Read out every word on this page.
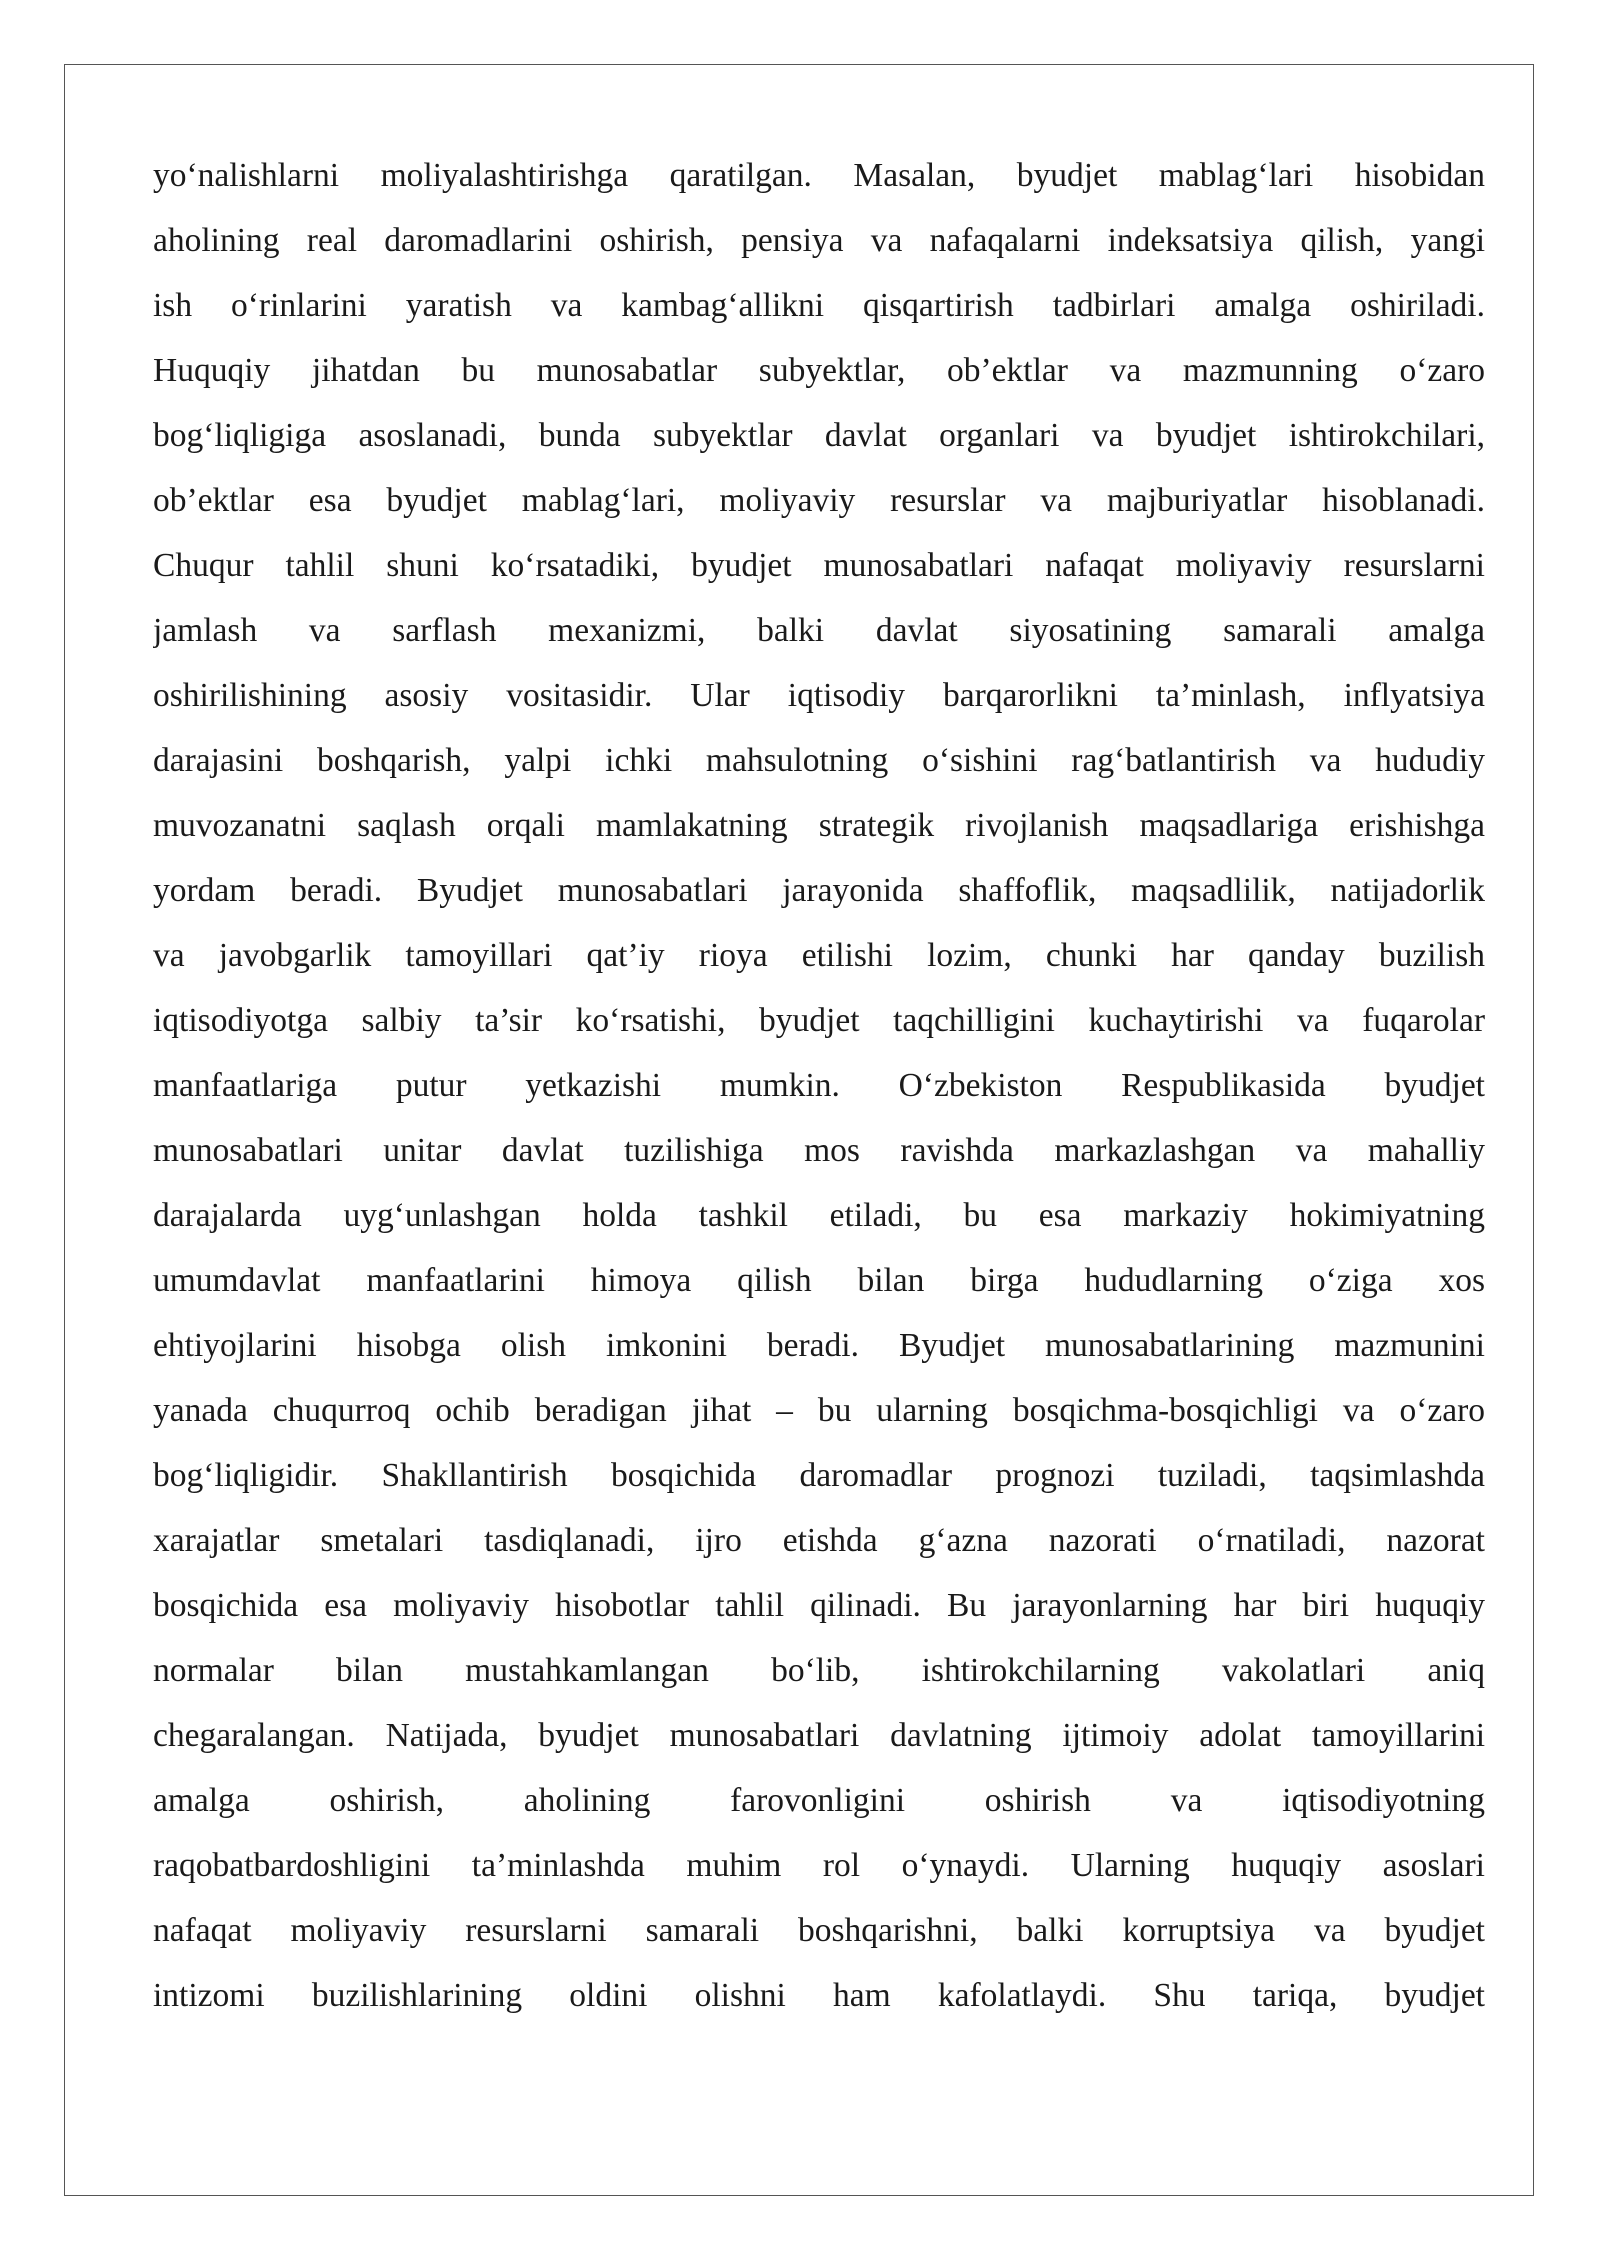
yo‘nalishlarni moliyalashtirishga qaratilgan. Masalan, byudjet mablag‘lari hisobidan
aholining real daromadlarini oshirish, pensiya va nafaqalarni indeksatsiya qilish, yangi
ish o‘rinlarini yaratish va kambag‘allikni qisqartirish tadbirlari amalga oshiriladi.
Huquqiy jihatdan bu munosabatlar subyektlar, ob’ektlar va mazmunning o‘zaro
bog‘liqligiga asoslanadi, bunda subyektlar davlat organlari va byudjet ishtirokchilari,
ob’ektlar esa byudjet mablag‘lari, moliyaviy resurslar va majburiyatlar hisoblanadi.
Chuqur tahlil shuni ko‘rsatadiki, byudjet munosabatlari nafaqat moliyaviy resurslarni
jamlash va sarflash mexanizmi, balki davlat siyosatining samarali amalga
oshirilishining asosiy vositasidir. Ular iqtisodiy barqarorlikni ta’minlash, inflyatsiya
darajasini boshqarish, yalpi ichki mahsulotning o‘sishini rag‘batlantirish va hududiy
muvozanatni saqlash orqali mamlakatning strategik rivojlanish maqsadlariga erishishga
yordam beradi. Byudjet munosabatlari jarayonida shaffoflik, maqsadlilik, natijadorlik
va javobgarlik tamoyillari qat’iy rioya etilishi lozim, chunki har qanday buzilish
iqtisodiyotga salbiy ta’sir ko‘rsatishi, byudjet taqchilligini kuchaytirishi va fuqarolar
manfaatlariga putur yetkazishi mumkin. O‘zbekiston Respublikasida byudjet
munosabatlari unitar davlat tuzilishiga mos ravishda markazlashgan va mahalliy
darajalarda uyg‘unlashgan holda tashkil etiladi, bu esa markaziy hokimiyatning
umumdavlat manfaatlarini himoya qilish bilan birga hududlarning o‘ziga xos
ehtiyojlarini hisobga olish imkonini beradi. Byudjet munosabatlarining mazmunini
yanada chuqurroq ochib beradigan jihat – bu ularning bosqichma-bosqichligi va o‘zaro
bog‘liqligidir. Shakllantirish bosqichida daromadlar prognozi tuziladi, taqsimlashda
xarajatlar smetalari tasdiqlanadi, ijro etishda g‘azna nazorati o‘rnatiladi, nazorat
bosqichida esa moliyaviy hisobotlar tahlil qilinadi. Bu jarayonlarning har biri huquqiy
normalar bilan mustahkamlangan bo‘lib, ishtirokchilarning vakolatlari aniq
chegaralangan. Natijada, byudjet munosabatlari davlatning ijtimoiy adolat tamoyillarini
amalga oshirish, aholining farovonligini oshirish va iqtisodiyotning
raqobatbardoshligini ta’minlashda muhim rol o‘ynaydi. Ularning huquqiy asoslari
nafaqat moliyaviy resurslarni samarali boshqarishni, balki korruptsiya va byudjet
intizomi buzilishlarining oldini olishni ham kafolatlaydi. Shu tariqa, byudjet
